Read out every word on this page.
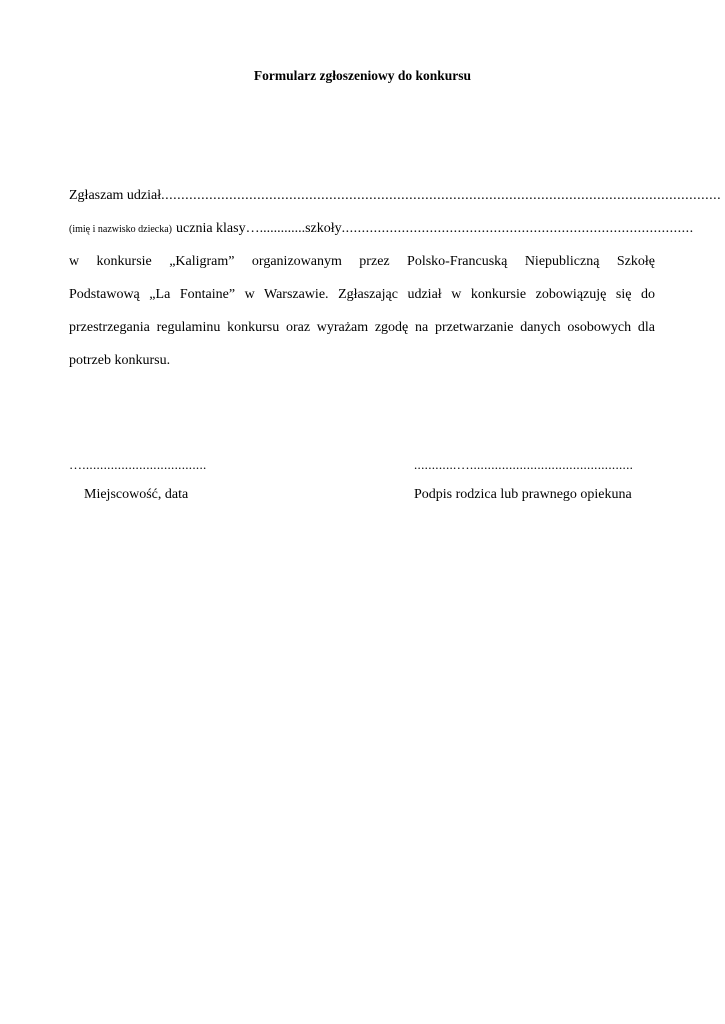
Formularz zgłoszeniowy do konkursu
Zgłaszam udział ............................................................................................................................................
(imię i nazwisko dziecka) ucznia klasy …............. szkoły ........................................................................................
w konkursie „Kaligram” organizowanym przez Polsko-Francuską Niepubliczną Szkołę
Podstawową „La Fontaine” w Warszawie. Zgłaszając udział w konkursie zobowiązuję się do
przestrzegania regulaminu konkursu oraz wyrażam zgodę na przetwarzanie danych osobowych dla
potrzeb konkursu.
…...................................	............…..............................................
Miejscowość, data	Podpis rodzica lub prawnego opiekuna
